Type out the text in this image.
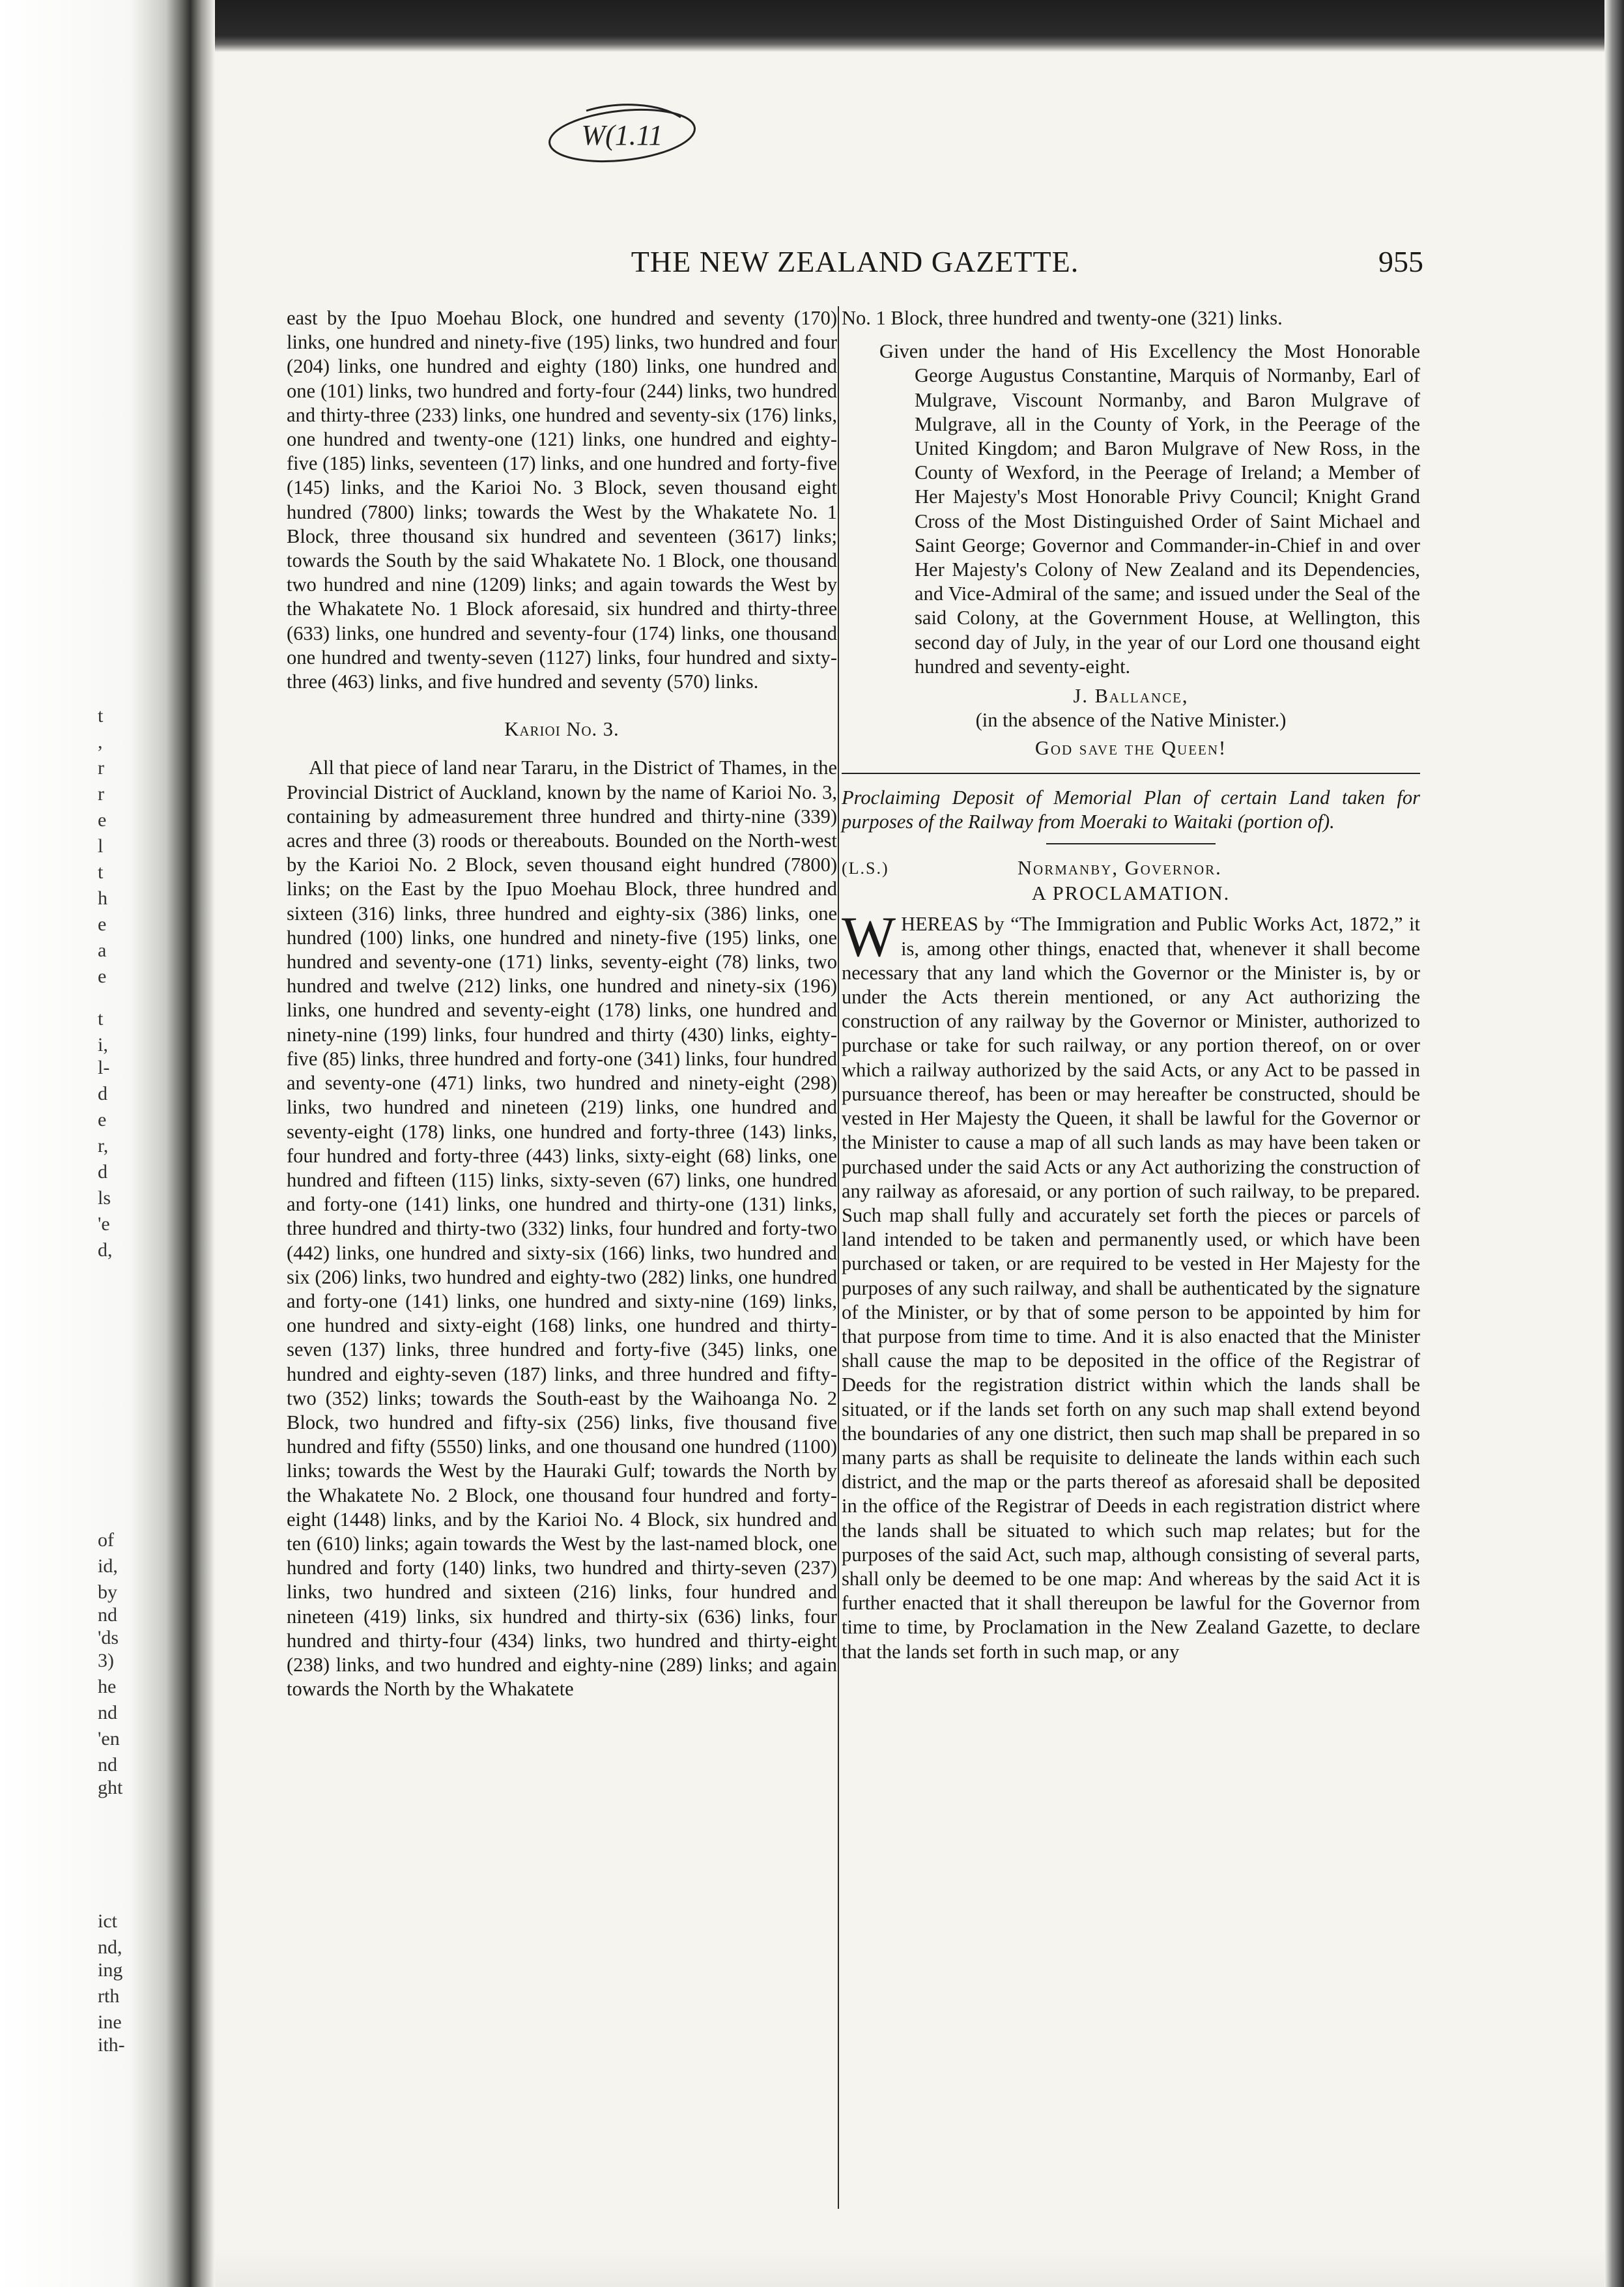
t
,
r
r
e
l
t
h
e
a
e
t
i,
l-
d
e
r,
d
ls
'e
d,
of
id,
by
nd
'ds
3)
he
nd
'en
nd
ght
ict
nd,
ing
rth
ine
ith-
W(1.11
THE NEW ZEALAND GAZETTE.	955

east by the Ipuo Moehau Block, one hundred and seventy (170) links, one hundred and ninety-five (195) links, two hundred and four (204) links, one hundred and eighty (180) links, one hundred and one (101) links, two hundred and forty-four (244) links, two hundred and thirty-three (233) links, one hundred and seventy-six (176) links, one hundred and twenty-one (121) links, one hundred and eighty-five (185) links, seventeen (17) links, and one hundred and forty-five (145) links, and the Karioi No. 3 Block, seven thousand eight hundred (7800) links; towards the West by the Whakatete No. 1 Block, three thousand six hundred and seventeen (3617) links; towards the South by the said Whakatete No. 1 Block, one thousand two hundred and nine (1209) links; and again towards the West by the Whakatete No. 1 Block aforesaid, six hundred and thirty-three (633) links, one hundred and seventy-four (174) links, one thousand one hundred and twenty-seven (1127) links, four hundred and sixty-three (463) links, and five hundred and seventy (570) links.

Karioi No. 3.

All that piece of land near Tararu, in the District of Thames, in the Provincial District of Auckland, known by the name of Karioi No. 3, containing by admeasurement three hundred and thirty-nine (339) acres and three (3) roods or thereabouts. Bounded on the North-west by the Karioi No. 2 Block, seven thousand eight hundred (7800) links; on the East by the Ipuo Moehau Block, three hundred and sixteen (316) links, three hundred and eighty-six (386) links, one hundred (100) links, one hundred and ninety-five (195) links, one hundred and seventy-one (171) links, seventy-eight (78) links, two hundred and twelve (212) links, one hundred and ninety-six (196) links, one hundred and seventy-eight (178) links, one hundred and ninety-nine (199) links, four hundred and thirty (430) links, eighty-five (85) links, three hundred and forty-one (341) links, four hundred and seventy-one (471) links, two hundred and ninety-eight (298) links, two hundred and nineteen (219) links, one hundred and seventy-eight (178) links, one hundred and forty-three (143) links, four hundred and forty-three (443) links, sixty-eight (68) links, one hundred and fifteen (115) links, sixty-seven (67) links, one hundred and forty-one (141) links, one hundred and thirty-one (131) links, three hundred and thirty-two (332) links, four hundred and forty-two (442) links, one hundred and sixty-six (166) links, two hundred and six (206) links, two hundred and eighty-two (282) links, one hundred and forty-one (141) links, one hundred and sixty-nine (169) links, one hundred and sixty-eight (168) links, one hundred and thirty-seven (137) links, three hundred and forty-five (345) links, one hundred and eighty-seven (187) links, and three hundred and fifty-two (352) links; towards the South-east by the Waihoanga No. 2 Block, two hundred and fifty-six (256) links, five thousand five hundred and fifty (5550) links, and one thousand one hundred (1100) links; towards the West by the Hauraki Gulf; towards the North by the Whakatete No. 2 Block, one thousand four hundred and forty-eight (1448) links, and by the Karioi No. 4 Block, six hundred and ten (610) links; again towards the West by the last-named block, one hundred and forty (140) links, two hundred and thirty-seven (237) links, two hundred and sixteen (216) links, four hundred and nineteen (419) links, six hundred and thirty-six (636) links, four hundred and thirty-four (434) links, two hundred and thirty-eight (238) links, and two hundred and eighty-nine (289) links; and again towards the North by the Whakatete

No. 1 Block, three hundred and twenty-one (321) links.

Given under the hand of His Excellency the Most Honorable George Augustus Constantine, Marquis of Normanby, Earl of Mulgrave, Viscount Normanby, and Baron Mulgrave of Mulgrave, all in the County of York, in the Peerage of the United Kingdom; and Baron Mulgrave of New Ross, in the County of Wexford, in the Peerage of Ireland; a Member of Her Majesty's Most Honorable Privy Council; Knight Grand Cross of the Most Distinguished Order of Saint Michael and Saint George; Governor and Commander-in-Chief in and over Her Majesty's Colony of New Zealand and its Dependencies, and Vice-Admiral of the same; and issued under the Seal of the said Colony, at the Government House, at Wellington, this second day of July, in the year of our Lord one thousand eight hundred and seventy-eight.

J. Ballance,

(in the absence of the Native Minister.)

God save the Queen!

Proclaiming Deposit of Memorial Plan of certain Land taken for purposes of the Railway from Moeraki to Waitaki (portion of).

(L.S.)	Normanby, Governor.

A PROCLAMATION.

WHEREAS by “The Immigration and Public Works Act, 1872,” it is, among other things, enacted that, whenever it shall become necessary that any land which the Governor or the Minister is, by or under the Acts therein mentioned, or any Act authorizing the construction of any railway by the Governor or Minister, authorized to purchase or take for such railway, or any portion thereof, on or over which a railway authorized by the said Acts, or any Act to be passed in pursuance thereof, has been or may hereafter be constructed, should be vested in Her Majesty the Queen, it shall be lawful for the Governor or the Minister to cause a map of all such lands as may have been taken or purchased under the said Acts or any Act authorizing the construction of any railway as aforesaid, or any portion of such railway, to be prepared. Such map shall fully and accurately set forth the pieces or parcels of land intended to be taken and permanently used, or which have been purchased or taken, or are required to be vested in Her Majesty for the purposes of any such railway, and shall be authenticated by the signature of the Minister, or by that of some person to be appointed by him for that purpose from time to time. And it is also enacted that the Minister shall cause the map to be deposited in the office of the Registrar of Deeds for the registration district within which the lands shall be situated, or if the lands set forth on any such map shall extend beyond the boundaries of any one district, then such map shall be prepared in so many parts as shall be requisite to delineate the lands within each such district, and the map or the parts thereof as aforesaid shall be deposited in the office of the Registrar of Deeds in each registration district where the lands shall be situated to which such map relates; but for the purposes of the said Act, such map, although consisting of several parts, shall only be deemed to be one map: And whereas by the said Act it is further enacted that it shall thereupon be lawful for the Governor from time to time, by Proclamation in the New Zealand Gazette, to declare that the lands set forth in such map, or any
